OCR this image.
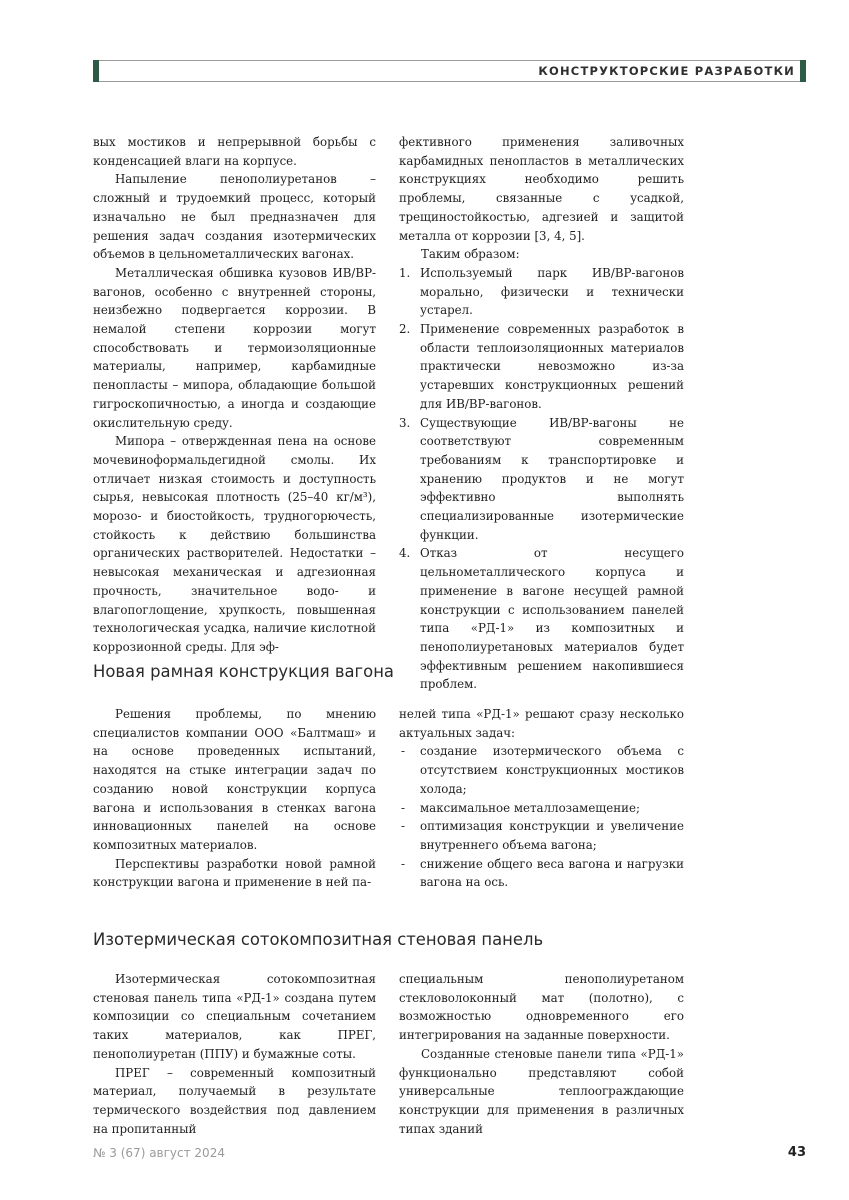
КОНСТРУКТОРСКИЕ РАЗРАБОТКИ

вых мостиков и непрерывной борьбы с конденсацией влаги на корпусе.

Напыление пенополиуретанов – сложный и трудоемкий процесс, который изначально не был предназначен для решения задач создания изотермических объемов в цельнометаллических вагонах.

Металлическая обшивка кузовов ИВ/ВР-вагонов, особенно с внутренней стороны, неизбежно подвергается коррозии. В немалой степени коррозии могут способствовать и термоизоляционные материалы, например, карбамидные пенопласты – мипора, обладающие большой гигроскопичностью, а иногда и создающие окислительную среду.

Мипора – отвержденная пена на основе мочевиноформальдегидной смолы. Их отличает низкая стоимость и доступность сырья, невысокая плотность (25–40 кг/м³), морозо- и биостойкость, трудногорючесть, стойкость к действию большинства органических растворителей. Недостатки – невысокая механическая и адгезионная прочность, значительное водо- и влагопоглощение, хрупкость, повышенная технологическая усадка, наличие кислотной коррозионной среды. Для эф-

фективного применения заливочных карбамидных пенопластов в металлических конструкциях необходимо решить проблемы, связанные с усадкой, трещиностойкостью, адгезией и защитой металла от коррозии [3, 4, 5].

Таким образом:

1. Используемый парк ИВ/ВР-вагонов морально, физически и технически устарел.
2. Применение современных разработок в области теплоизоляционных материалов практически невозможно из-за устаревших конструкционных решений для ИВ/ВР-вагонов.
3. Существующие ИВ/ВР-вагоны не соответствуют современным требованиям к транспортировке и хранению продуктов и не могут эффективно выполнять специализированные изотермические функции.
4. Отказ от несущего цельнометаллического корпуса и применение в вагоне несущей рамной конструкции с использованием панелей типа «РД-1» из композитных и пенополиуретановых материалов будет эффективным решением накопившиеся проблем.
Новая рамная конструкция вагона

Решения проблемы, по мнению специалистов компании ООО «Балтмаш» и на основе проведенных испытаний, находятся на стыке интеграции задач по созданию новой конструкции корпуса вагона и использования в стенках вагона инновационных панелей на основе композитных материалов.

Перспективы разработки новой рамной конструкции вагона и применение в ней па-

нелей типа «РД-1» решают сразу несколько актуальных задач:

- создание изотермического объема с отсутствием конструкционных мостиков холода;
- максимальное металлозамещение;
- оптимизация конструкции и увеличение внутреннего объема вагона;
- снижение общего веса вагона и нагрузки вагона на ось.
Изотермическая сотокомпозитная стеновая панель

Изотермическая сотокомпозитная стеновая панель типа «РД-1» создана путем композиции со специальным сочетанием таких материалов, как ПРЕГ, пенополиуретан (ППУ) и бумажные соты.

ПРЕГ – современный композитный материал, получаемый в результате термического воздействия под давлением на пропитанный

специальным пенополиуретаном стекловолоконный мат (полотно), с возможностью одновременного его интегрирования на заданные поверхности.

Созданные стеновые панели типа «РД-1» функционально представляют собой универсальные теплоограждающие конструкции для применения в различных типах зданий

№ 3 (67) август 2024	43
